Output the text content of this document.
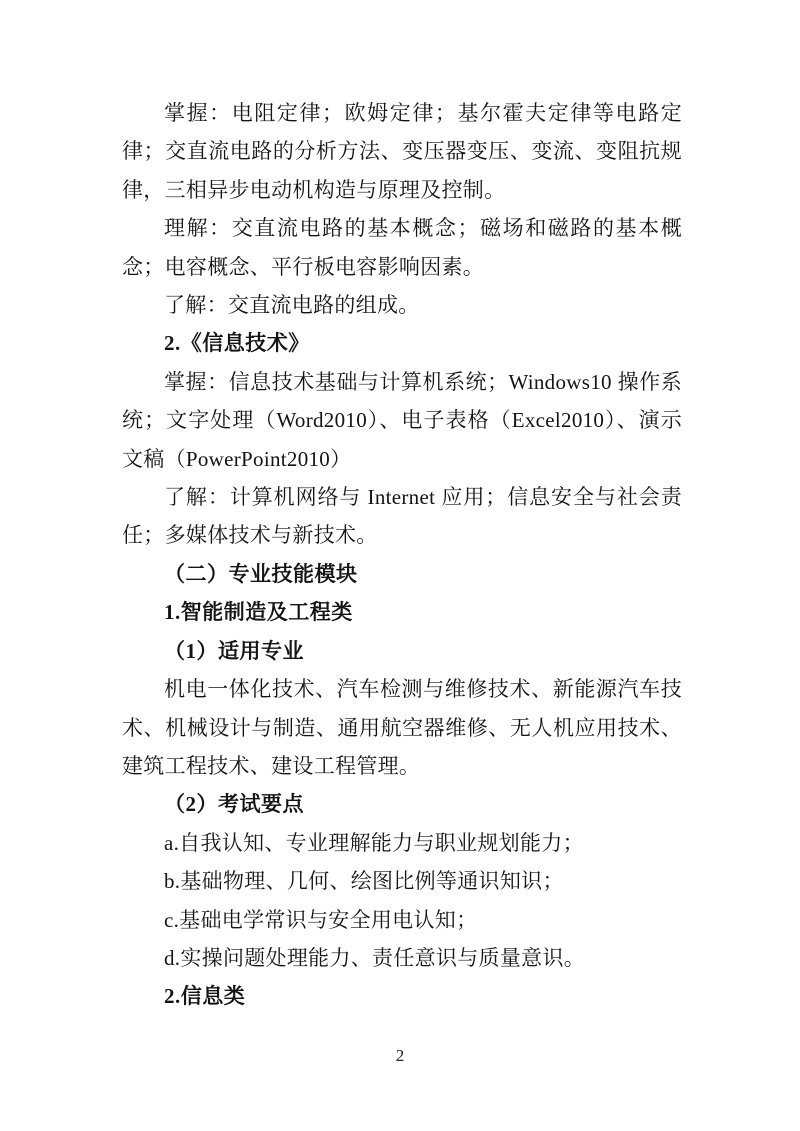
掌握：电阻定律；欧姆定律；基尔霍夫定律等电路定律；交直流电路的分析方法、变压器变压、变流、变阻抗规律，三相异步电动机构造与原理及控制。

理解：交直流电路的基本概念；磁场和磁路的基本概念；电容概念、平行板电容影响因素。

了解：交直流电路的组成。

2.《信息技术》

掌握：信息技术基础与计算机系统；Windows10 操作系统；文字处理（Word2010）、电子表格（Excel2010）、演示文稿（PowerPoint2010）

了解：计算机网络与 Internet 应用；信息安全与社会责任；多媒体技术与新技术。

（二）专业技能模块

1.智能制造及工程类

（1）适用专业

机电一体化技术、汽车检测与维修技术、新能源汽车技术、机械设计与制造、通用航空器维修、无人机应用技术、建筑工程技术、建设工程管理。

（2）考试要点

a.自我认知、专业理解能力与职业规划能力；

b.基础物理、几何、绘图比例等通识知识；

c.基础电学常识与安全用电认知；

d.实操问题处理能力、责任意识与质量意识。

2.信息类

2
